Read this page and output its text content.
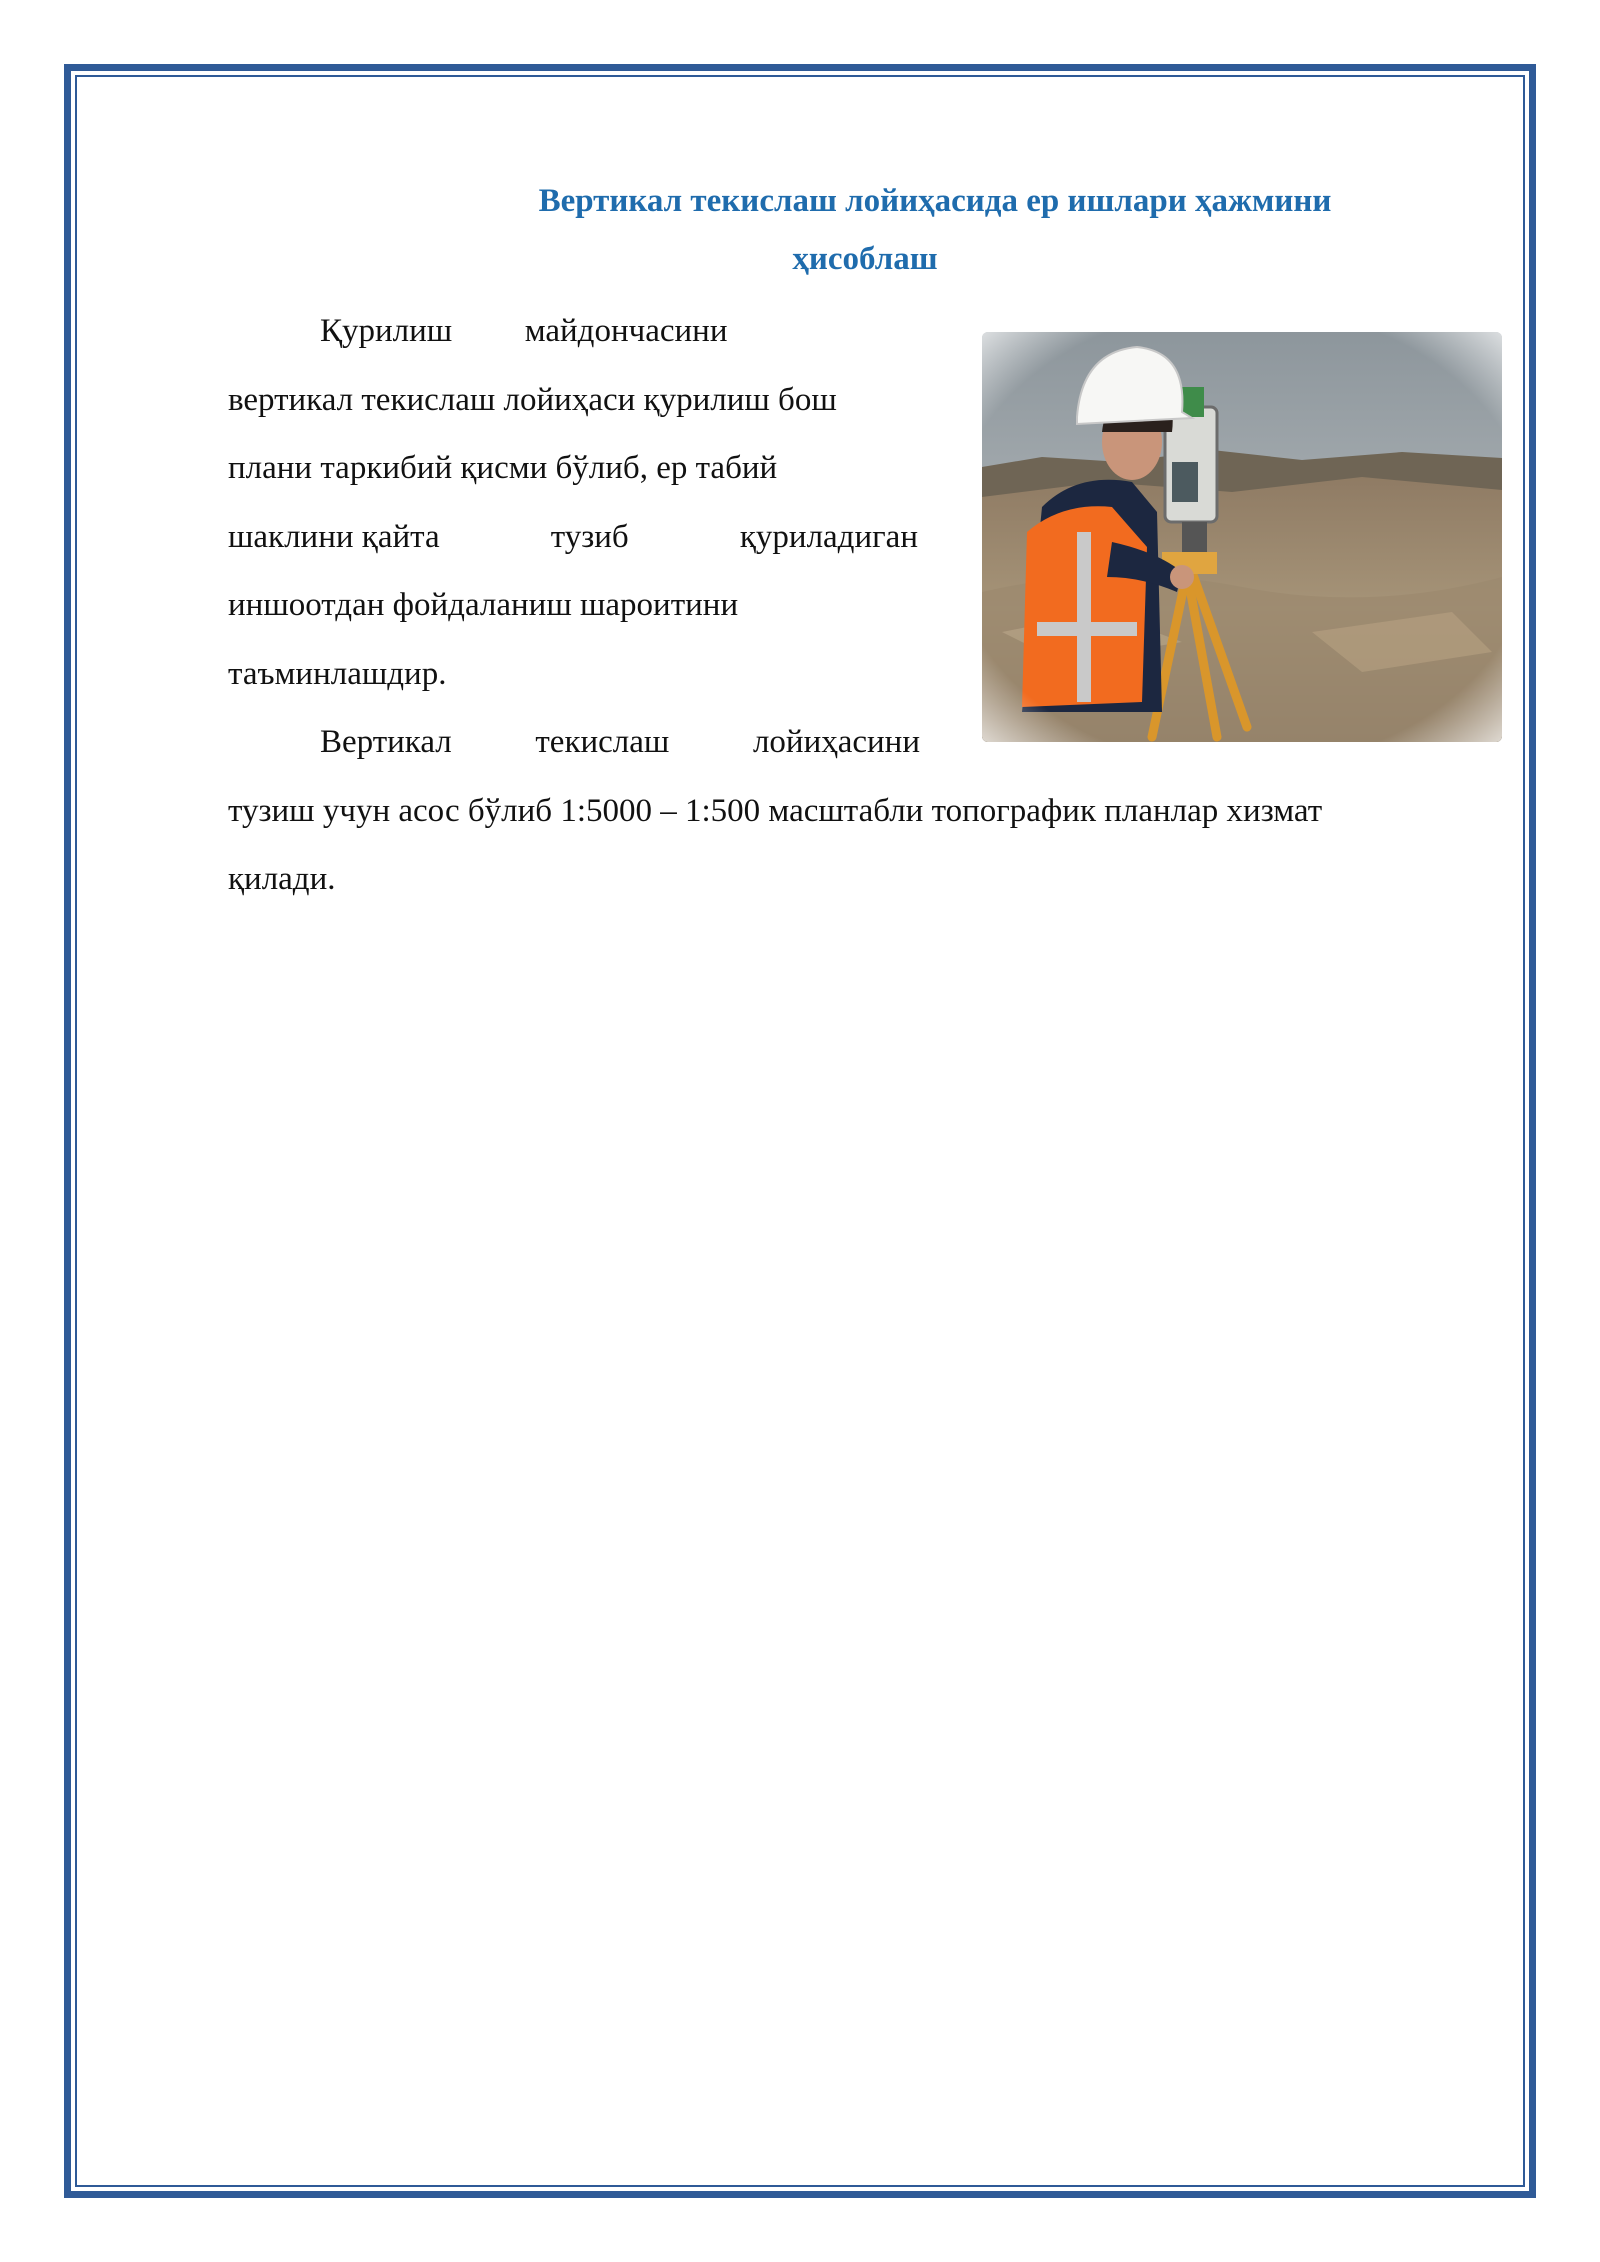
Вертикал текислаш лойиҳасида ер ишлари ҳажмини
ҳисоблаш
Қурилиш майдончасини
вертикал текислаш лойиҳаси қурилиш бош
плани таркибий қисми бўлиб, ер табий
шаклини қайта	тузиб	қуриладиган
иншоотдан фойдаланиш шароитини
таъминлашдир.
Вертикал	текислаш	лойиҳасини
тузиш учун асос бўлиб 1:5000 – 1:500 масштабли топографик планлар хизмат
қилади.
